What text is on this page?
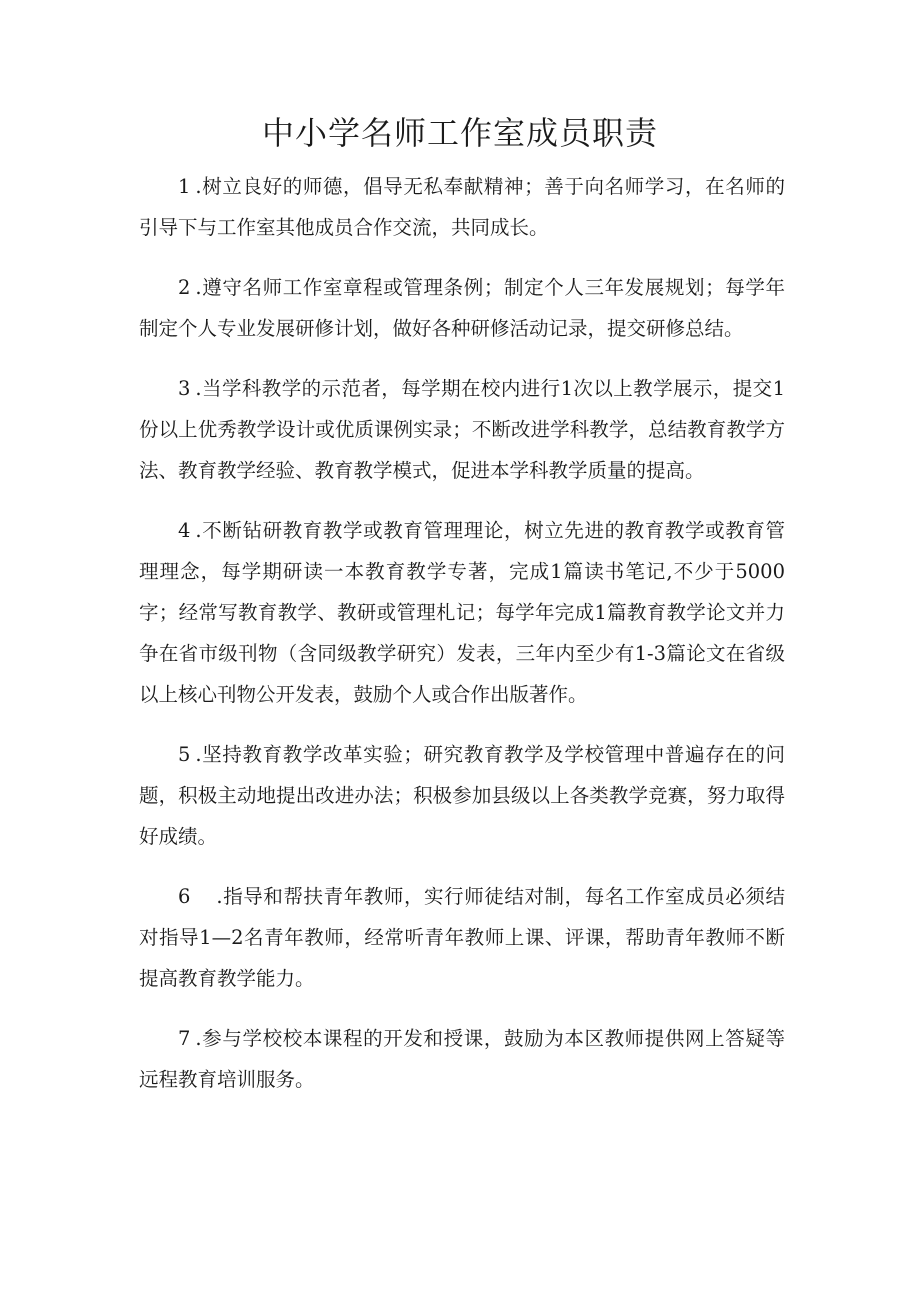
中小学名师工作室成员职责

1 .树立良好的师德，倡导无私奉献精神；善于向名师学习，在名师的引导下与工作室其他成员合作交流，共同成长。

2 .遵守名师工作室章程或管理条例；制定个人三年发展规划；每学年制定个人专业发展研修计划，做好各种研修活动记录，提交研修总结。

3 .当学科教学的示范者，每学期在校内进行1次以上教学展示，提交1份以上优秀教学设计或优质课例实录；不断改进学科教学，总结教育教学方法、教育教学经验、教育教学模式，促进本学科教学质量的提高。

4 .不断钻研教育教学或教育管理理论，树立先进的教育教学或教育管理理念，每学期研读一本教育教学专著，完成1篇读书笔记,不少于5000字；经常写教育教学、教研或管理札记；每学年完成1篇教育教学论文并力争在省市级刊物（含同级教学研究）发表，三年内至少有1-3篇论文在省级以上核心刊物公开发表，鼓励个人或合作出版著作。

5 .坚持教育教学改革实验；研究教育教学及学校管理中普遍存在的问题，积极主动地提出改进办法；积极参加县级以上各类教学竞赛，努力取得好成绩。

6 .指导和帮扶青年教师，实行师徒结对制，每名工作室成员必须结对指导1—2名青年教师，经常听青年教师上课、评课，帮助青年教师不断提高教育教学能力。

7 .参与学校校本课程的开发和授课，鼓励为本区教师提供网上答疑等远程教育培训服务。
